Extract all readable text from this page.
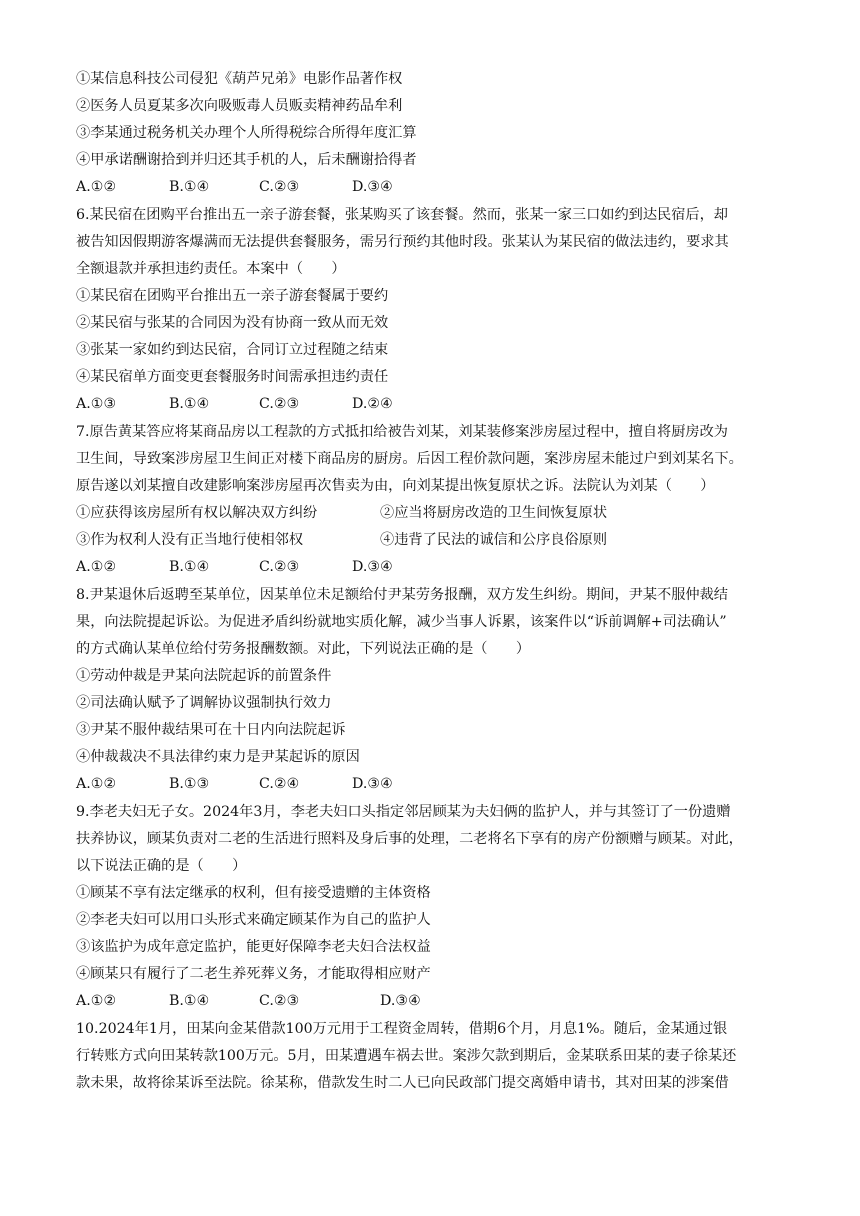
①某信息科技公司侵犯《葫芦兄弟》电影作品著作权
②医务人员夏某多次向吸贩毒人员贩卖精神药品牟利
③李某通过税务机关办理个人所得税综合所得年度汇算
④甲承诺酬谢拾到并归还其手机的人，后未酬谢拾得者
A.①②	B.①④	C.②③	D.③④
6.某民宿在团购平台推出五一亲子游套餐，张某购买了该套餐。然而，张某一家三口如约到达民宿后，却
被告知因假期游客爆满而无法提供套餐服务，需另行预约其他时段。张某认为某民宿的做法违约，要求其
全额退款并承担违约责任。本案中（　　）
①某民宿在团购平台推出五一亲子游套餐属于要约
②某民宿与张某的合同因为没有协商一致从而无效
③张某一家如约到达民宿，合同订立过程随之结束
④某民宿单方面变更套餐服务时间需承担违约责任
A.①③	B.①④	C.②③	D.②④
7.原告黄某答应将某商品房以工程款的方式抵扣给被告刘某，刘某装修案涉房屋过程中，擅自将厨房改为
卫生间，导致案涉房屋卫生间正对楼下商品房的厨房。后因工程价款问题，案涉房屋未能过户到刘某名下。
原告遂以刘某擅自改建影响案涉房屋再次售卖为由，向刘某提出恢复原状之诉。法院认为刘某（　　）
①应获得该房屋所有权以解决双方纠纷	②应当将厨房改造的卫生间恢复原状
③作为权利人没有正当地行使相邻权	④违背了民法的诚信和公序良俗原则
A.①②	B.①④	C.②③	D.③④
8.尹某退休后返聘至某单位，因某单位未足额给付尹某劳务报酬，双方发生纠纷。期间，尹某不服仲裁结
果，向法院提起诉讼。为促进矛盾纠纷就地实质化解，减少当事人诉累，该案件以“诉前调解+司法确认”
的方式确认某单位给付劳务报酬数额。对此，下列说法正确的是（　　）
①劳动仲裁是尹某向法院起诉的前置条件
②司法确认赋予了调解协议强制执行效力
③尹某不服仲裁结果可在十日内向法院起诉
④仲裁裁决不具法律约束力是尹某起诉的原因
A.①②	B.①③	C.②④	D.③④
9.李老夫妇无子女。2024年3月，李老夫妇口头指定邻居顾某为夫妇俩的监护人，并与其签订了一份遗赠
扶养协议，顾某负责对二老的生活进行照料及身后事的处理，二老将名下享有的房产份额赠与顾某。对此，
以下说法正确的是（　　）
①顾某不享有法定继承的权利，但有接受遗赠的主体资格
②李老夫妇可以用口头形式来确定顾某作为自己的监护人
③该监护为成年意定监护，能更好保障李老夫妇合法权益
④顾某只有履行了二老生养死葬义务，才能取得相应财产
A.①②	B.①④	C.②③	D.③④
10.2024年1月，田某向金某借款100万元用于工程资金周转，借期6个月，月息1%。随后，金某通过银
行转账方式向田某转款100万元。5月，田某遭遇车祸去世。案涉欠款到期后，金某联系田某的妻子徐某还
款未果，故将徐某诉至法院。徐某称，借款发生时二人已向民政部门提交离婚申请书，其对田某的涉案借
